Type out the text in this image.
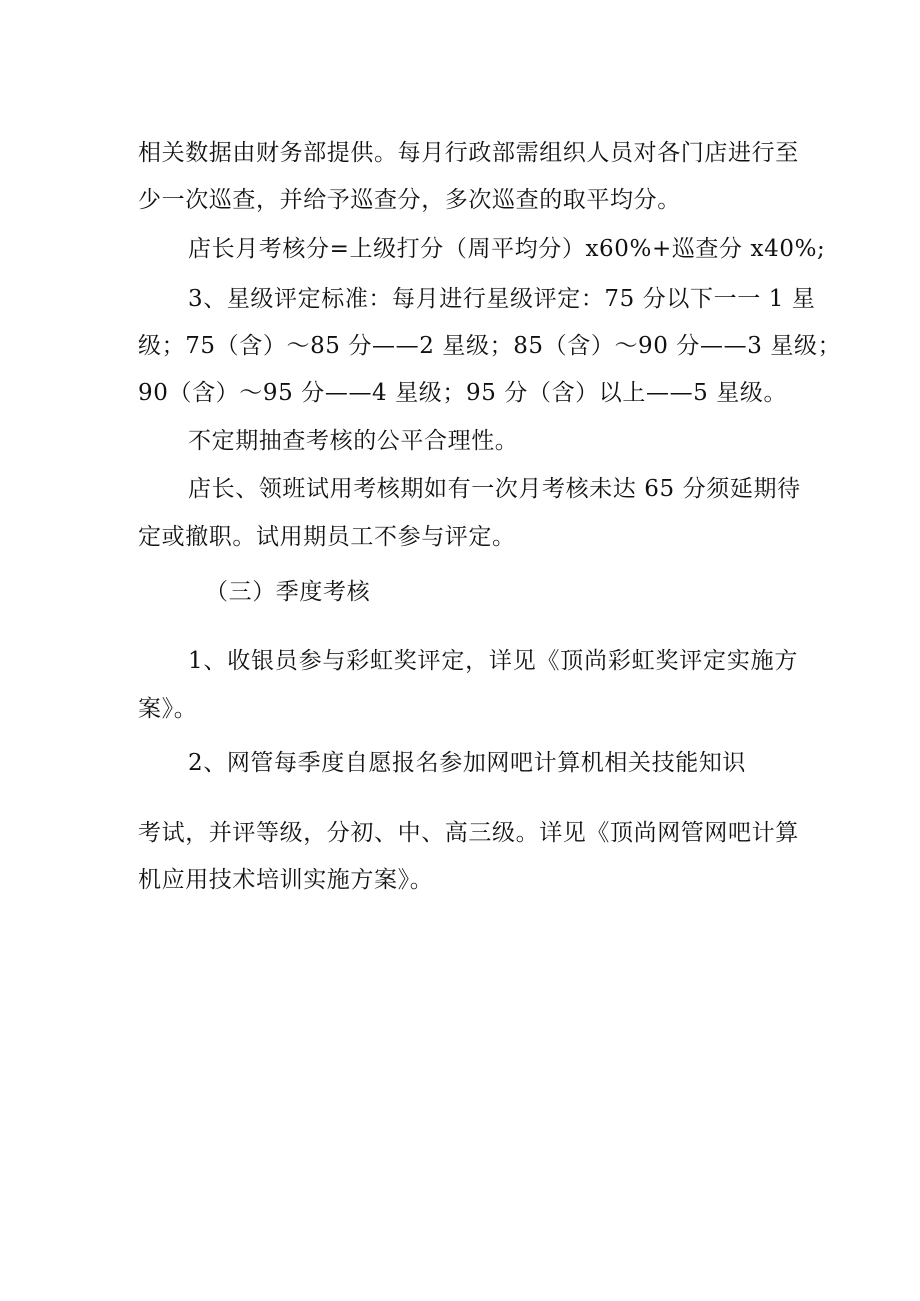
相关数据由财务部提供。每月行政部需组织人员对各门店进行至
少一次巡查，并给予巡查分，多次巡查的取平均分。
店长月考核分=上级打分（周平均分）x60%+巡查分 x40%;
3、星级评定标准：每月进行星级评定：75 分以下一一 1 星
级；75（含）～85 分——2 星级；85（含）～90 分——3 星级；
90（含）～95 分——4 星级；95 分（含）以上——5 星级。
不定期抽查考核的公平合理性。
店长、领班试用考核期如有一次月考核未达 65 分须延期待
定或撤职。试用期员工不参与评定。
（三）季度考核
1、收银员参与彩虹奖评定，详见《顶尚彩虹奖评定实施方
案》。
2、网管每季度自愿报名参加网吧计算机相关技能知识
考试，并评等级，分初、中、高三级。详见《顶尚网管网吧计算
机应用技术培训实施方案》。
